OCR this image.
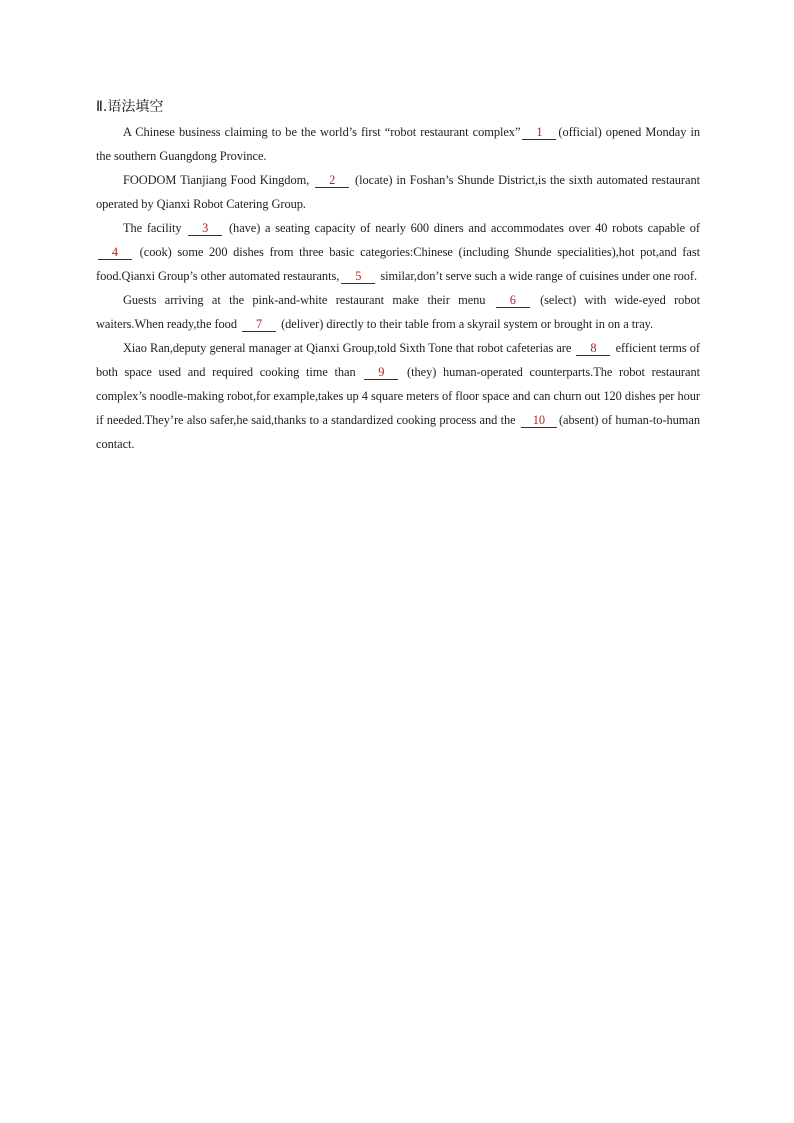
Ⅱ.语法填空

A Chinese business claiming to be the world’s first “robot restaurant complex” 1 (official) opened Monday in the southern Guangdong Province.

FOODOM Tianjiang Food Kingdom, 2 (locate) in Foshan’s Shunde District,is the sixth automated restaurant operated by Qianxi Robot Catering Group.

The facility 3 (have) a seating capacity of nearly 600 diners and accommodates over 40 robots capable of 4 (cook) some 200 dishes from three basic categories:Chinese (including Shunde specialities),hot pot,and fast food.Qianxi Group’s other automated restaurants, 5 similar,don’t serve such a wide range of cuisines under one roof.

Guests arriving at the pink-and-white restaurant make their menu 6 (select) with wide-eyed robot waiters.When ready,the food 7 (deliver) directly to their table from a skyrail system or brought in on a tray.

Xiao Ran,deputy general manager at Qianxi Group,told Sixth Tone that robot cafeterias are 8 efficient terms of both space used and required cooking time than 9 (they) human-operated counterparts.The robot restaurant complex’s noodle-making robot,for example,takes up 4 square meters of floor space and can churn out 120 dishes per hour if needed.They’re also safer,he said,thanks to a standardized cooking process and the 10 (absent) of human-to-human contact.
